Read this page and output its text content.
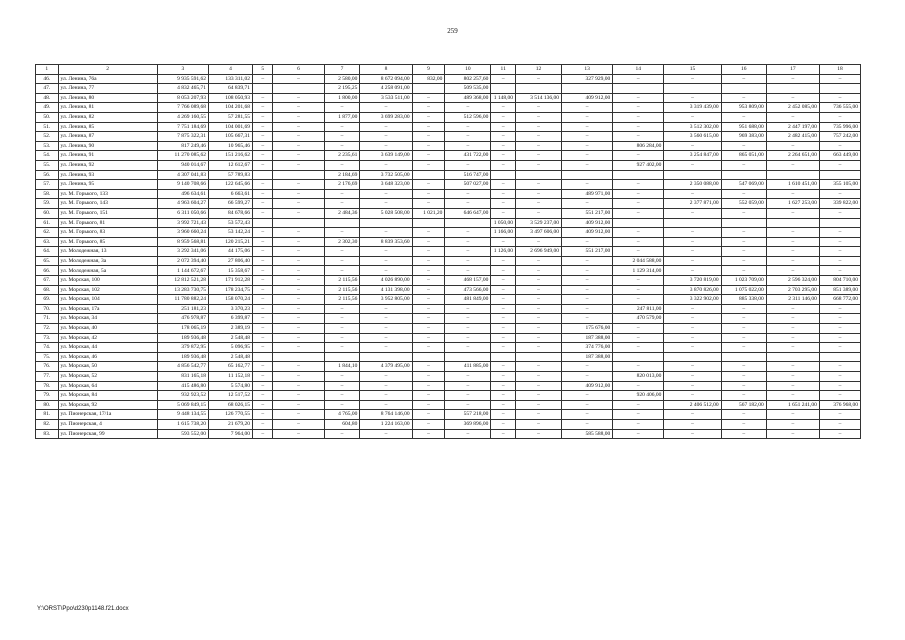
259
1	2	3	4	5	6	7	8	9	10	11	12	13	14	15	16	17	18
46.	ул. Ленина, 76а	9 935 591,62	133 311,02	–	–	2 580,00	8 672 094,00	832,00	802 257,60	–	–	327 929,00	–	–	–	–	–
47.	ул. Ленина, 77	4 832 465,71	64 839,71			2 195,25	4 258 091,00		509 535,00								
48.	ул. Ленина, 80	8 053 207,93	108 050,93	–	–	1 800,00	3 533 511,00	–	489 368,00	1 148,00	3 514 136,00	409 912,00	–	–	–	–	–
49.	ул. Ленина, 81	7 766 089,68	104 201,68	–	–	–	–	–	–	–	–	–	–	3 319 439,00	953 809,00	2 452 085,00	736 555,00
50.	ул. Ленина, 82	4 269 160,55	57 281,55	–	–	1 877,00	3 699 283,00	–	512 596,00	–	–	–	–	–	–	–	–
51.	ул. Ленина, 85	7 751 184,69	104 001,69	–	–	–	–	–	–	–	–	–	–	3 512 302,00	951 688,00	2 447 197,00	735 996,00
52.	ул. Ленина, 87	7 875 322,31	105 667,31	–	–	–	–	–	–	–	–	–	–	3 560 615,00	969 383,00	2 482 415,00	757 242,00
53.	ул. Ленина, 90	817 249,46	10 965,46	–	–	–	–	–	–	–	–	–	806 284,00	–	–	–	–
54.	ул. Ленина, 91	11 270 085,62	151 216,62	–	–	2 235,61	3 639 149,00	–	431 722,00	–	–	–	–	3 254 847,00	865 051,00	2 264 651,00	663 449,00
55.	ул. Ленина, 92	940 014,67	12 612,67	–	–	–	–	–	–	–	–	–	927 402,00	–	–	–	–
56.	ул. Ленина, 93	4 307 041,83	57 789,83			2 184,69	3 732 505,00		516 747,00								
57.	ул. Ленина, 95	9 140 708,66	122 645,66	–	–	2 176,69	3 648 323,00	–	507 027,00	–	–	–	–	2 350 088,00	547 069,00	1 610 451,00	355 105,00
58.	ул. М. Горького, 133	496 634,61	6 663,61	–	–	–	–	–	–	–	–	489 971,00	–	–	–	–	–
59.	ул. М. Горького, 143	4 963 604,27	66 599,27	–	–	–	–	–	–	–	–	–	–	2 377 871,00	552 059,00	1 627 253,00	339 822,00
60.	ул. М. Горького, 151	6 311 050,66	84 678,66	–	–	2 484,36	5 028 508,00	1 021,20	646 647,00	–	–	551 217,00	–	–	–	–	–
61.	ул. М. Горького, 81	3 992 721,43	53 572,43							1 050,00	3 529 237,00	409 912,00					
62.	ул. М. Горького, 83	3 960 660,24	53 142,24	–	–	–	–	–	–	1 166,00	3 497 606,00	409 912,00	–	–	–	–	–
63.	ул. М. Горького, 85	8 959 568,81	120 215,21	–	–	2 302,30	8 839 353,60	–	–	–	–	–	–	–	–	–	–
64.	ул. Молодежная, 13	3 292 341,06	44 175,06	–	–	–	–	–	–	1 126,00	2 696 949,00	551 217,00	–	–	–	–	–
65.	ул. Молодежная, 3а	2 072 394,40	27 806,40	–	–	–	–	–	–	–	–	–	2 044 588,00	–	–	–	–
66.	ул. Молодежная, 5а	1 144 672,67	15 358,67	–	–	–	–	–	–	–	–	–	1 129 314,00	–	–	–	–
67.	ул. Морская, 100	12 812 521,28	171 912,28	–	–	2 115,56	4 026 890,00	–	468 157,00	–	–	–	–	3 720 819,00	1 023 709,00	2 596 324,00	804 710,00
68.	ул. Морская, 102	13 283 730,75	178 234,75	–	–	2 115,56	4 131 398,00	–	473 566,00	–	–	–	–	3 870 826,00	1 075 022,00	2 703 295,00	851 389,00
69.	ул. Морская, 104	11 780 882,24	158 070,24	–	–	2 115,56	3 952 805,00	–	481 849,00	–	–	–	–	3 322 902,00	885 338,00	2 311 146,00	668 772,00
70.	ул. Морская, 17а	251 181,23	3 370,23	–	–	–	–	–	–	–	–	–	247 811,00	–	–	–	–
71.	ул. Морская, 34	476 978,87	6 399,87	–	–	–	–	–	–	–	–	–	470 579,00	–	–	–	–
72.	ул. Морская, 40	178 065,19	2 389,19	–	–	–	–	–	–	–	–	175 676,00	–	–	–	–	–
73.	ул. Морская, 42	189 936,48	2 548,48	–	–	–	–	–	–	–	–	187 388,00	–	–	–	–	–
74.	ул. Морская, 44	379 872,95	5 096,95	–	–	–	–	–	–	–	–	374 776,00	–	–	–	–	–
75.	ул. Морская, 46	189 936,48	2 548,48									187 388,00					
76.	ул. Морская, 50	4 856 542,77	65 162,77	–	–	1 844,10	4 379 495,00	–	411 885,00	–	–	–	–	–	–	–	–
77.	ул. Морская, 52	831 165,18	11 152,18	–	–	–	–	–	–	–	–	–	820 013,00	–	–	–	–
78.	ул. Морская, 64	415 486,80	5 574,80	–	–	–	–	–	–	–	–	409 912,00	–	–	–	–	–
79.	ул. Морская, 84	932 923,52	12 517,52	–	–	–	–	–	–	–	–	–	920 406,00	–	–	–	–
80.	ул. Морская, 92	5 069 849,15	68 026,15	–	–	–	–	–	–	–	–	–	–	2 406 512,00	567 182,00	1 651 241,00	376 968,00
81.	ул. Пионерская, 17/1а	9 448 134,55	126 770,55	–	–	4 765,00	8 764 146,00	–	557 218,00	–	–	–	–	–	–	–	–
82.	ул. Пионерская, 4	1 615 738,20	21 679,20	–	–	604,80	1 224 163,00	–	369 896,00	–	–	–	–	–	–	–	–
83.	ул. Пионерская, 99	593 552,00	7 964,00	–	–	–	–	–	–	–	–	585 588,00	–	–	–	–	–
Y:\ORST\Ppo\d230p1148.f21.docx
